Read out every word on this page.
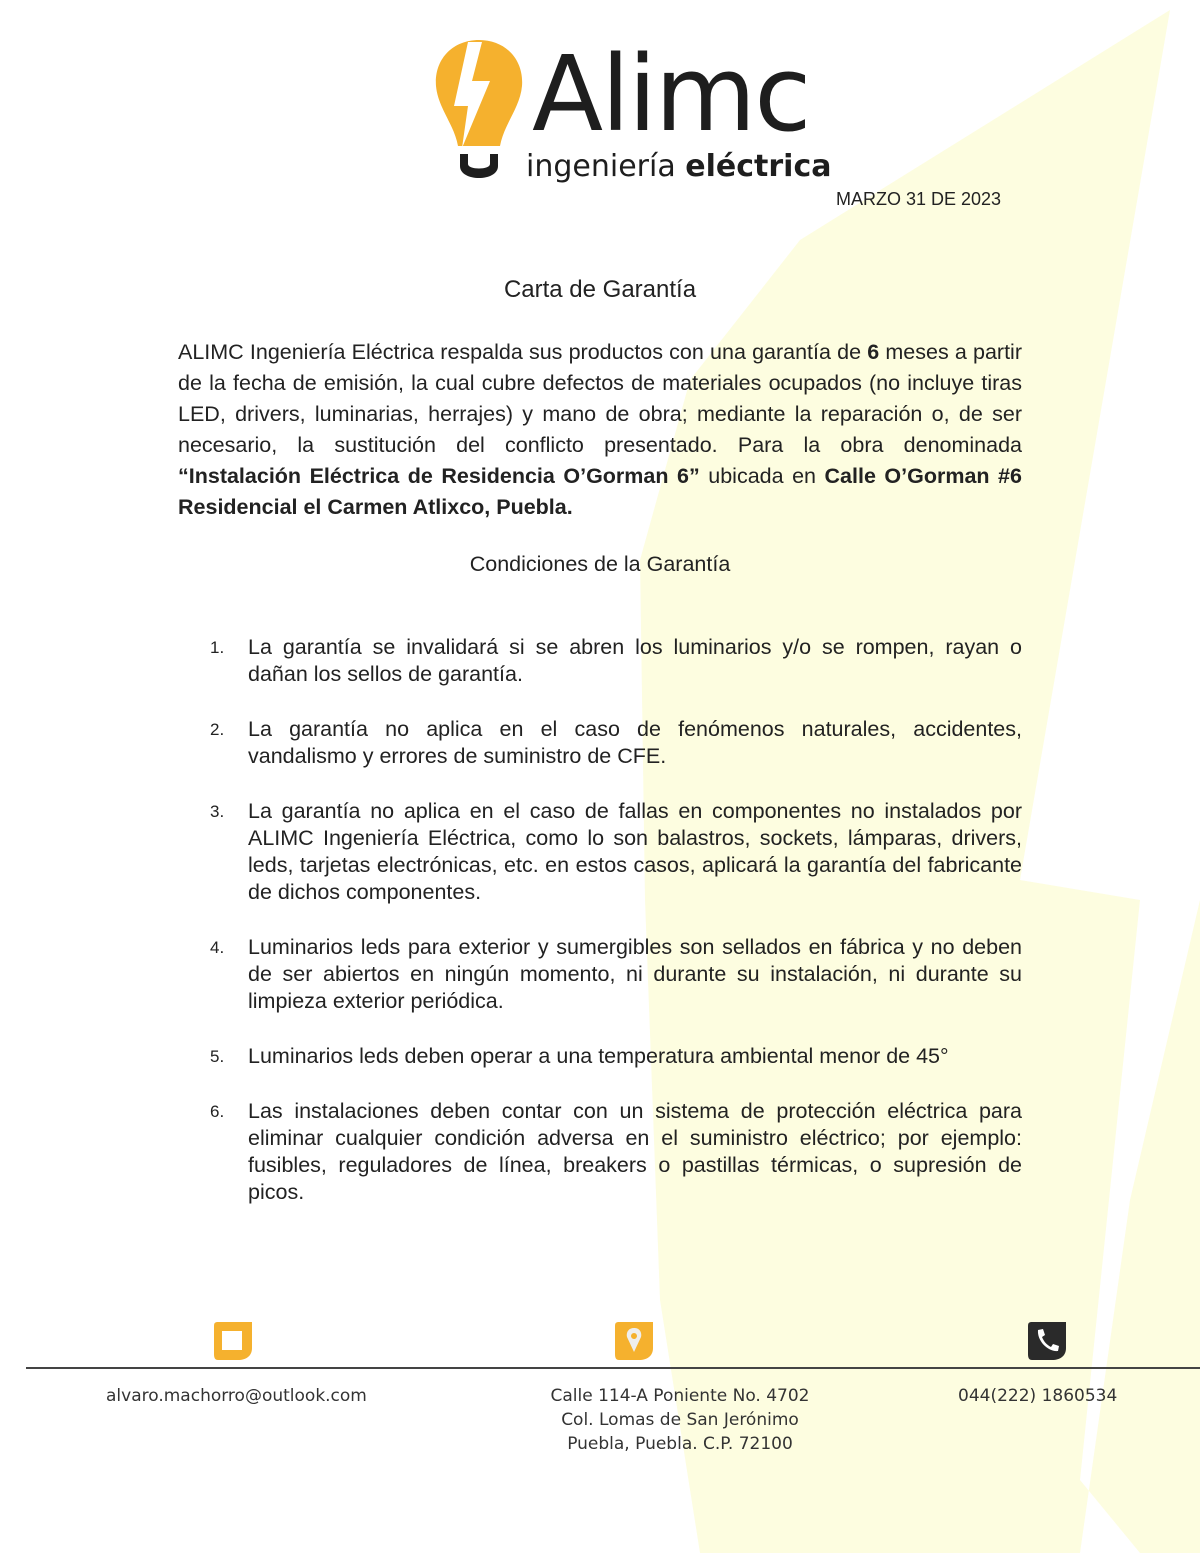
Alimc
ingeniería eléctrica
MARZO 31 DE 2023
Carta de Garantía
ALIMC Ingeniería Eléctrica respalda sus productos con una garantía de 6 meses a partir de la fecha de emisión, la cual cubre defectos de materiales ocupados (no incluye tiras LED, drivers, luminarias, herrajes) y mano de obra; mediante la reparación o, de ser necesario, la sustitución del conflicto presentado. Para la obra denominada “Instalación Eléctrica de Residencia O’Gorman 6” ubicada en Calle O’Gorman #6 Residencial el Carmen Atlixco, Puebla.
Condiciones de la Garantía
1. La garantía se invalidará si se abren los luminarios y/o se rompen, rayan o dañan los sellos de garantía.
2. La garantía no aplica en el caso de fenómenos naturales, accidentes, vandalismo y errores de suministro de CFE.
3. La garantía no aplica en el caso de fallas en componentes no instalados por ALIMC Ingeniería Eléctrica, como lo son balastros, sockets, lámparas, drivers, leds, tarjetas electrónicas, etc. en estos casos, aplicará la garantía del fabricante de dichos componentes.
4. Luminarios leds para exterior y sumergibles son sellados en fábrica y no deben de ser abiertos en ningún momento, ni durante su instalación, ni durante su limpieza exterior periódica.
5. Luminarios leds deben operar a una temperatura ambiental menor de 45°
6. Las instalaciones deben contar con un sistema de protección eléctrica para eliminar cualquier condición adversa en el suministro eléctrico; por ejemplo: fusibles, reguladores de línea, breakers o pastillas térmicas, o supresión de picos.
alvaro.machorro@outlook.com	Calle 114-A Poniente No. 4702
Col. Lomas de San Jerónimo
Puebla, Puebla. C.P. 72100
044(222) 1860534
